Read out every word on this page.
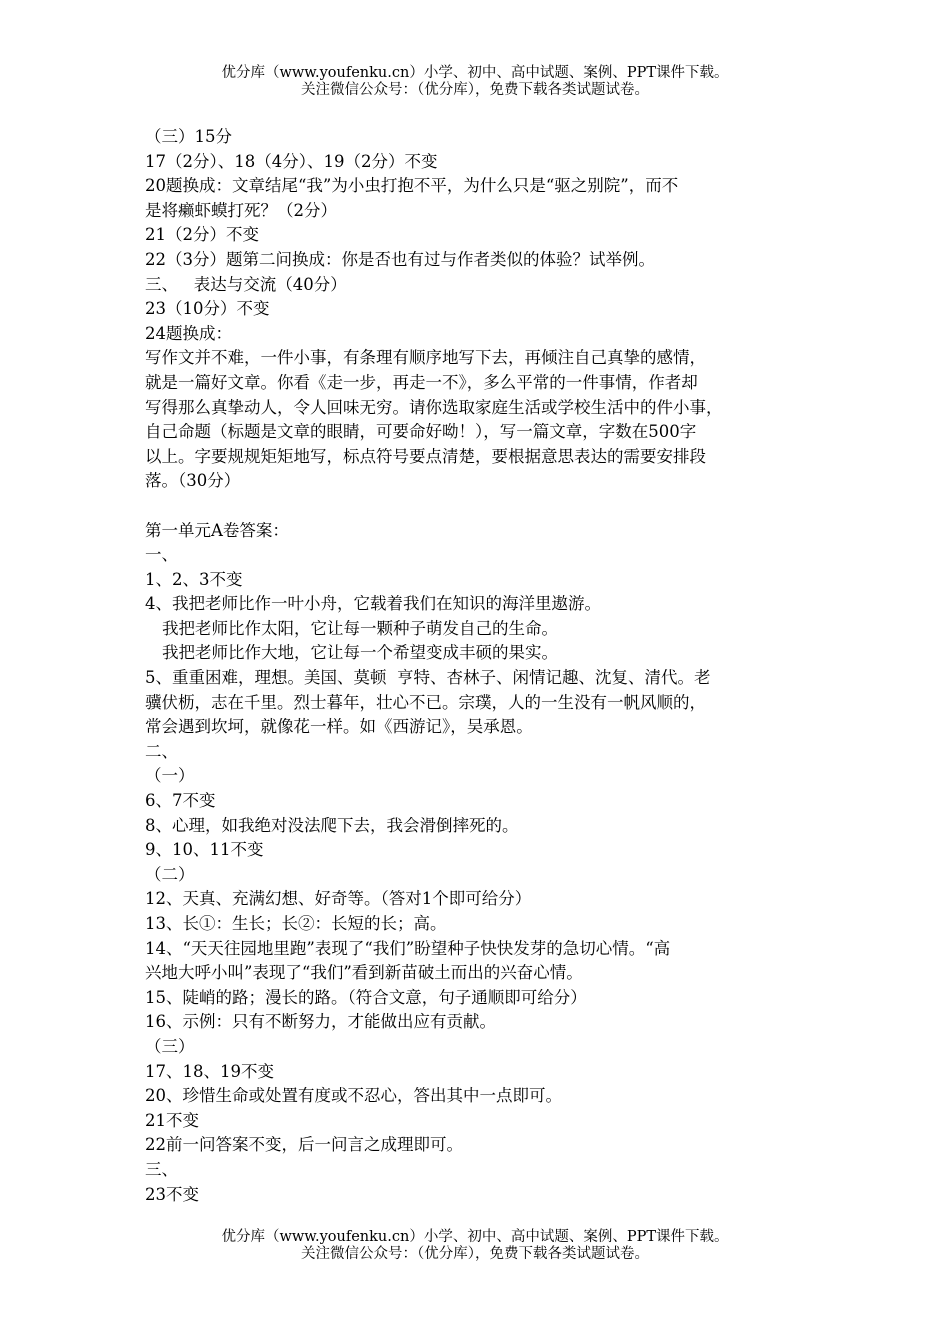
优分库（www.youfenku.cn）小学、初中、高中试题、案例、PPT课件下载。
关注微信公众号：（优分库），免费下载各类试题试卷。
（三）15分
17（2分）、18（4分）、19（2分）不变
20题换成：文章结尾“我”为小虫打抱不平，为什么只是“驱之别院”，而不
是将癞虾蟆打死？（2分）
21（2分）不变
22（3分）题第二问换成：你是否也有过与作者类似的体验？试举例。
三、   表达与交流（40分）
23（10分）不变
24题换成：
写作文并不难，一件小事，有条理有顺序地写下去，再倾注自己真挚的感情，
就是一篇好文章。你看《走一步，再走一不》，多么平常的一件事情，作者却
写得那么真挚动人，令人回味无穷。请你选取家庭生活或学校生活中的件小事，
自己命题（标题是文章的眼睛，可要命好呦！），写一篇文章，字数在500字
以上。字要规规矩矩地写，标点符号要点清楚，要根据意思表达的需要安排段
落。（30分）
第一单元A卷答案：
一、
1、2、3不变
4、我把老师比作一叶小舟，它载着我们在知识的海洋里遨游。
我把老师比作太阳，它让每一颗种子萌发自己的生命。
我把老师比作大地，它让每一个希望变成丰硕的果实。
5、重重困难，理想。美国、莫顿  亨特、杏林子、闲情记趣、沈复、清代。老
骥伏枥，志在千里。烈士暮年，壮心不已。宗璞，人的一生没有一帆风顺的，
常会遇到坎坷，就像花一样。如《西游记》，吴承恩。
二、
（一）
6、7不变
8、心理，如我绝对没法爬下去，我会滑倒摔死的。
9、10、11不变
（二）
12、天真、充满幻想、好奇等。（答对1个即可给分）
13、长①：生长；长②：长短的长；高。
14、“天天往园地里跑”表现了“我们”盼望种子快快发芽的急切心情。“高
兴地大呼小叫”表现了“我们”看到新苗破土而出的兴奋心情。
15、陡峭的路；漫长的路。（符合文意，句子通顺即可给分）
16、示例：只有不断努力，才能做出应有贡献。
（三）
17、18、19不变
20、珍惜生命或处置有度或不忍心，答出其中一点即可。
21不变
22前一问答案不变，后一问言之成理即可。
三、
23不变
优分库（www.youfenku.cn）小学、初中、高中试题、案例、PPT课件下载。
关注微信公众号：（优分库），免费下载各类试题试卷。
